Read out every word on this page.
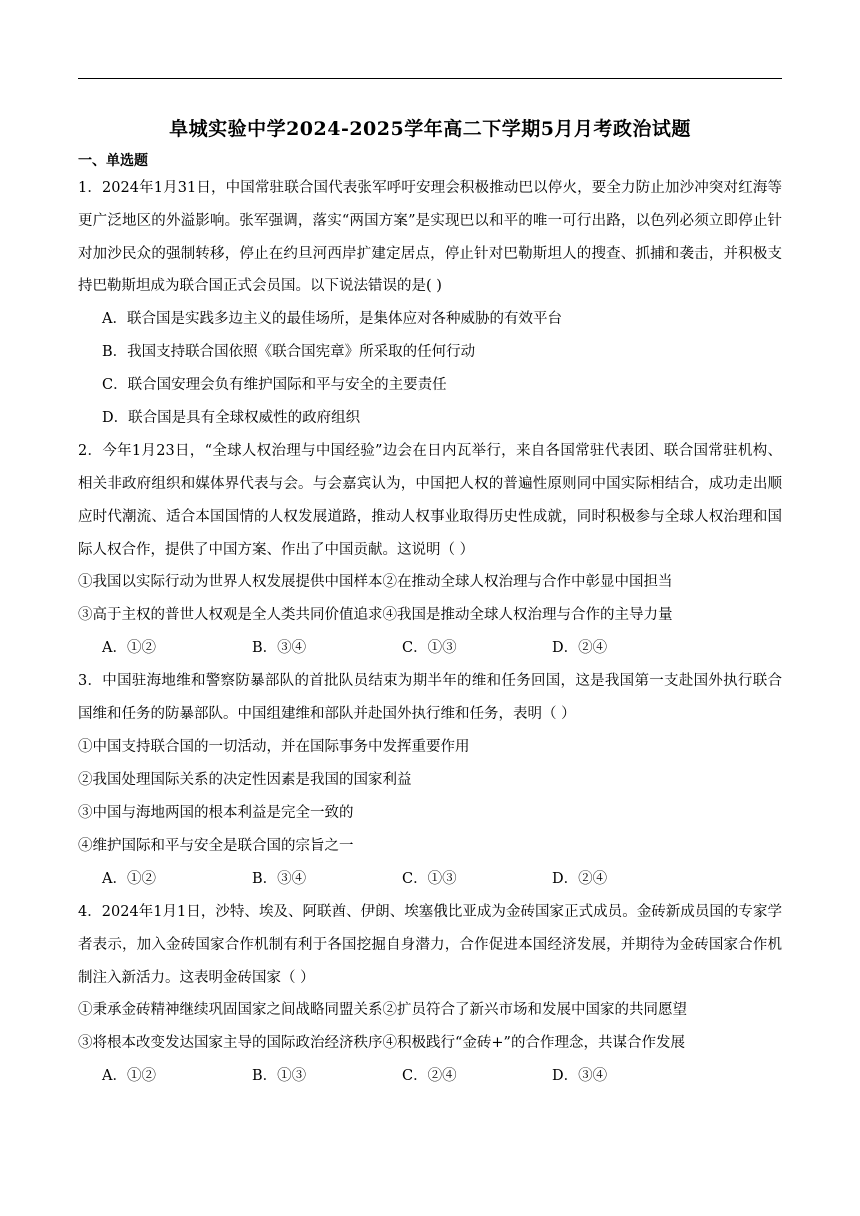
阜城实验中学2024-2025学年高二下学期5月月考政治试题
一、单选题

1．2024年1月31日，中国常驻联合国代表张军呼吁安理会积极推动巴以停火，要全力防止加沙冲突对红海等更广泛地区的外溢影响。张军强调，落实“两国方案”是实现巴以和平的唯一可行出路，以色列必须立即停止针对加沙民众的强制转移，停止在约旦河西岸扩建定居点，停止针对巴勒斯坦人的搜查、抓捕和袭击，并积极支持巴勒斯坦成为联合国正式会员国。以下说法错误的是( )

A．联合国是实践多边主义的最佳场所，是集体应对各种威胁的有效平台
B．我国支持联合国依照《联合国宪章》所采取的任何行动
C．联合国安理会负有维护国际和平与安全的主要责任
D．联合国是具有全球权威性的政府组织

2．今年1月23日，“全球人权治理与中国经验”边会在日内瓦举行，来自各国常驻代表团、联合国常驻机构、相关非政府组织和媒体界代表与会。与会嘉宾认为，中国把人权的普遍性原则同中国实际相结合，成功走出顺应时代潮流、适合本国国情的人权发展道路，推动人权事业取得历史性成就，同时积极参与全球人权治理和国际人权合作，提供了中国方案、作出了中国贡献。这说明（ ）

①我国以实际行动为世界人权发展提供中国样本②在推动全球人权治理与合作中彰显中国担当
③高于主权的普世人权观是全人类共同价值追求④我国是推动全球人权治理与合作的主导力量
A．①②	B．③④	C．①③	D．②④

3．中国驻海地维和警察防暴部队的首批队员结束为期半年的维和任务回国，这是我国第一支赴国外执行联合国维和任务的防暴部队。中国组建维和部队并赴国外执行维和任务，表明（ ）

①中国支持联合国的一切活动，并在国际事务中发挥重要作用
②我国处理国际关系的决定性因素是我国的国家利益
③中国与海地两国的根本利益是完全一致的
④维护国际和平与安全是联合国的宗旨之一
A．①②	B．③④	C．①③	D．②④

4．2024年1月1日，沙特、埃及、阿联酋、伊朗、埃塞俄比亚成为金砖国家正式成员。金砖新成员国的专家学者表示，加入金砖国家合作机制有利于各国挖掘自身潜力，合作促进本国经济发展，并期待为金砖国家合作机制注入新活力。这表明金砖国家（ ）

①秉承金砖精神继续巩固国家之间战略同盟关系②扩员符合了新兴市场和发展中国家的共同愿望
③将根本改变发达国家主导的国际政治经济秩序④积极践行“金砖+”的合作理念，共谋合作发展
A．①②	B．①③	C．②④	D．③④
